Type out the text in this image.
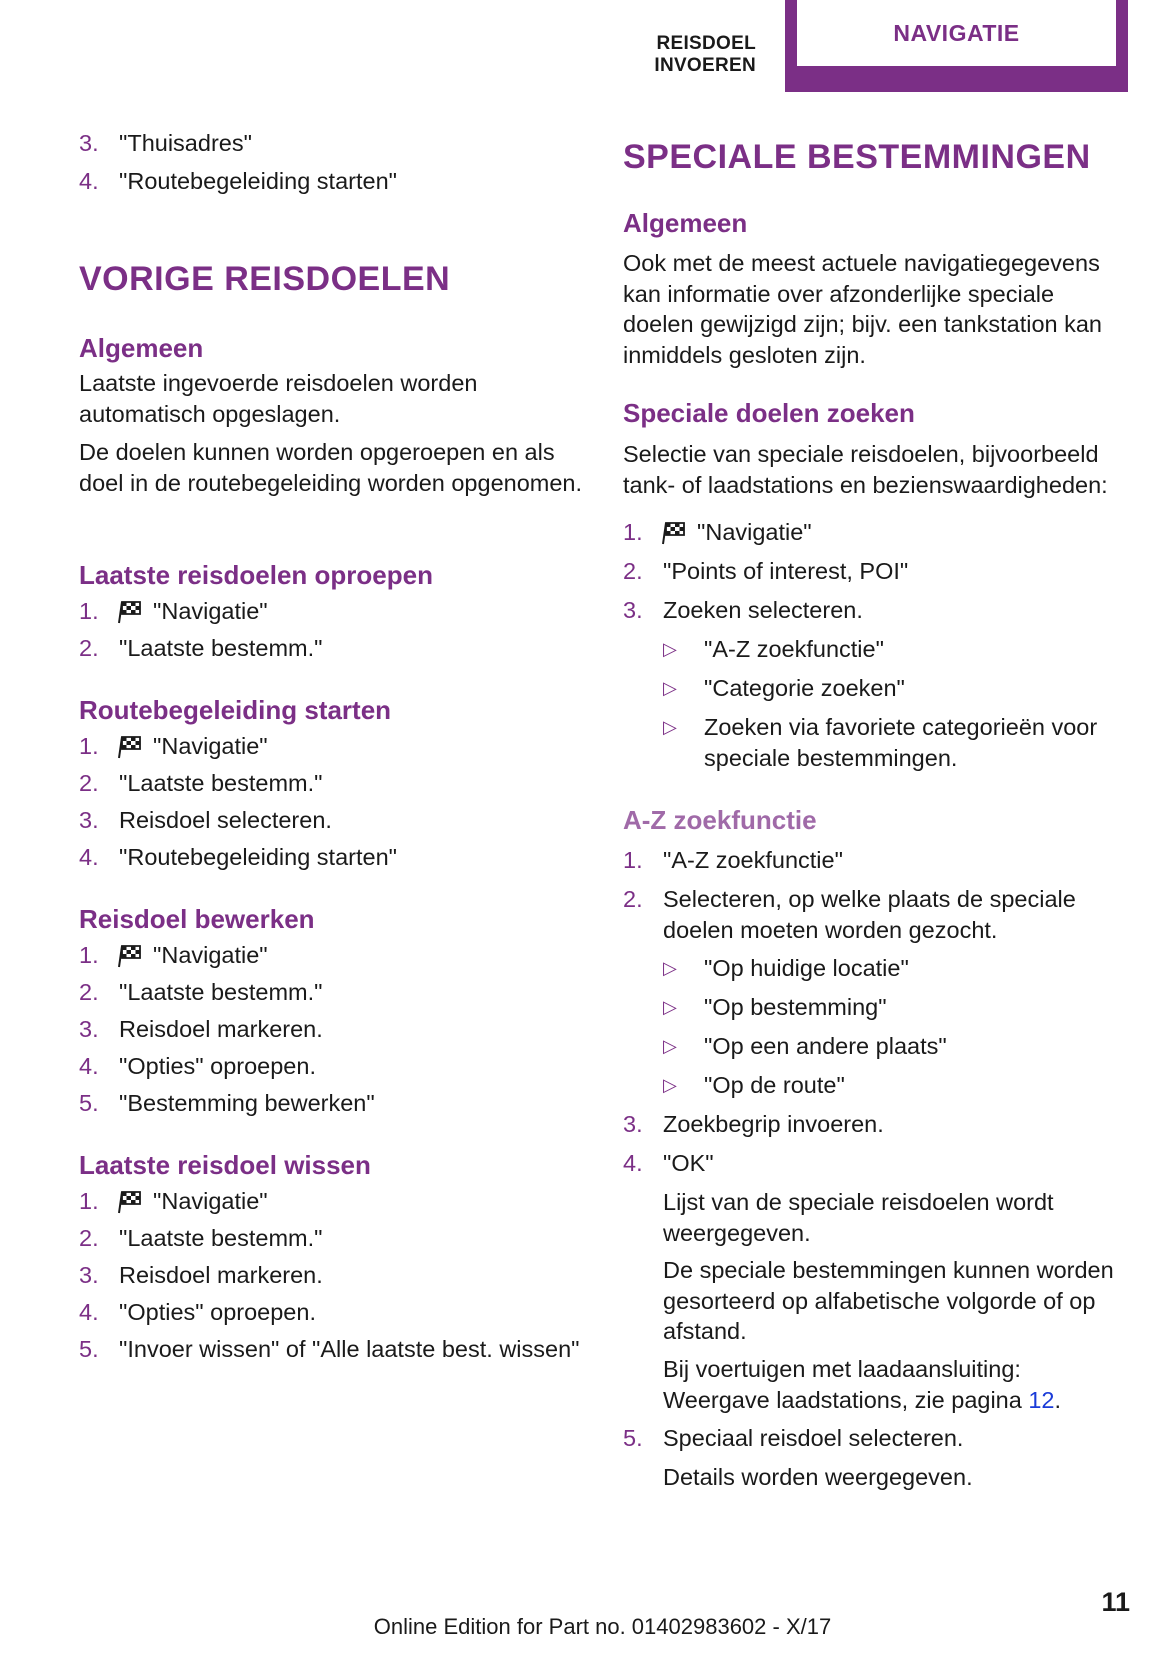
REISDOEL INVOEREN
NAVIGATIE
3. "Thuisadres"
4. "Routebegeleiding starten"
VORIGE REISDOELEN
Algemeen
Laatste ingevoerde reisdoelen worden automatisch opgeslagen.
De doelen kunnen worden opgeroepen en als doel in de routebegeleiding worden opgenomen.
Laatste reisdoelen oproepen
1. "Navigatie"
2. "Laatste bestemm."
Routebegeleiding starten
1. "Navigatie"
2. "Laatste bestemm."
3. Reisdoel selecteren.
4. "Routebegeleiding starten"
Reisdoel bewerken
1. "Navigatie"
2. "Laatste bestemm."
3. Reisdoel markeren.
4. "Opties" oproepen.
5. "Bestemming bewerken"
Laatste reisdoel wissen
1. "Navigatie"
2. "Laatste bestemm."
3. Reisdoel markeren.
4. "Opties" oproepen.
5. "Invoer wissen" of "Alle laatste best. wissen"
SPECIALE BESTEMMINGEN
Algemeen
Ook met de meest actuele navigatiegegevens kan informatie over afzonderlijke speciale doelen gewijzigd zijn; bijv. een tankstation kan inmiddels gesloten zijn.
Speciale doelen zoeken
Selectie van speciale reisdoelen, bijvoorbeeld tank- of laadstations en bezienswaardigheden:
1. "Navigatie"
2. "Points of interest, POI"
3. Zoeken selecteren.
▷ "A-Z zoekfunctie"
▷ "Categorie zoeken"
▷ Zoeken via favoriete categorieën voor speciale bestemmingen.
A-Z zoekfunctie
1. "A-Z zoekfunctie"
2. Selecteren, op welke plaats de speciale doelen moeten worden gezocht.
▷ "Op huidige locatie"
▷ "Op bestemming"
▷ "Op een andere plaats"
▷ "Op de route"
3. Zoekbegrip invoeren.
4. "OK"
Lijst van de speciale reisdoelen wordt weergegeven.
De speciale bestemmingen kunnen worden gesorteerd op alfabetische volgorde of op afstand.
Bij voertuigen met laadaansluiting: Weergave laadstations, zie pagina 12.
5. Speciaal reisdoel selecteren.
Details worden weergegeven.
Online Edition for Part no. 01402983602 - X/17
11
